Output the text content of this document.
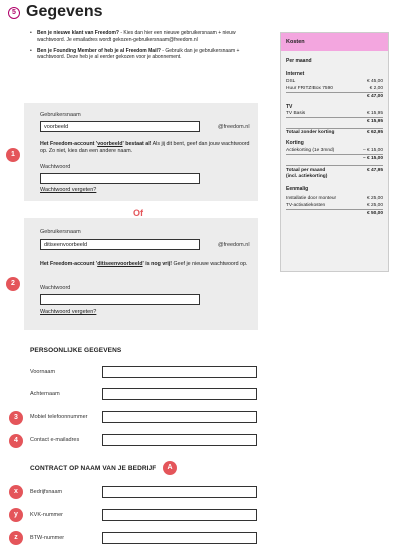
5 Gegevens
• Ben je nieuwe klant van Freedom? - Kies dan hier een nieuwe gebruikersnaam + nieuw wachtwoord. Je emailadres wordt gekozen-gebruikersnaam@freedom.nl
• Ben je Founding Member of heb je al Freedom Mail? - Gebruik dan je gebruikersnaam + wachtwoord. Deze heb je al eerder gekozen voor je abonnement.
Gebruikersnaam
voorbeeld	@freedom.nl
Het Freedom-account 'voorbeeld' bestaat al! Als jij dit bent, geef dan jouw wachtwoord op. Zo niet, kies dan een andere naam.
Wachtwoord
Wachtwoord vergeten?
1
Of
Gebruikersnaam
ditiseenvoorbeeld	@freedom.nl
Het Freedom-account 'ditiseenvoorbeeld' is nog vrij! Geef je nieuwe wachtwoord op.
Wachtwoord
Wachtwoord vergeten?
2
PERSOONLIJKE GEGEVENS
Voornaam
Achternaam
3	Mobiel telefoonnummer
4	Contact e-mailadres
CONTRACT OP NAAM VAN JE BEDRIJF	A
x	Bedrijfsnaam
y	KVK-nummer
z	BTW-nummer
Kosten
Per maand
Internet
DSL	€ 45,00
Huur FRITZ!Box 7590	€ 2,00
€ 47,00
TV
TV Basis	€ 15,95
€ 15,95
Totaal zonder korting	€ 62,95
Korting
Actiekorting (1e 3mnd)	– € 15,00
– € 15,00
Totaal per maand
(incl. actiekorting)
€ 47,95
Eenmalig
Installatie door monteur	€ 25,00
TV-activatiekosten	€ 25,00
€ 50,00
